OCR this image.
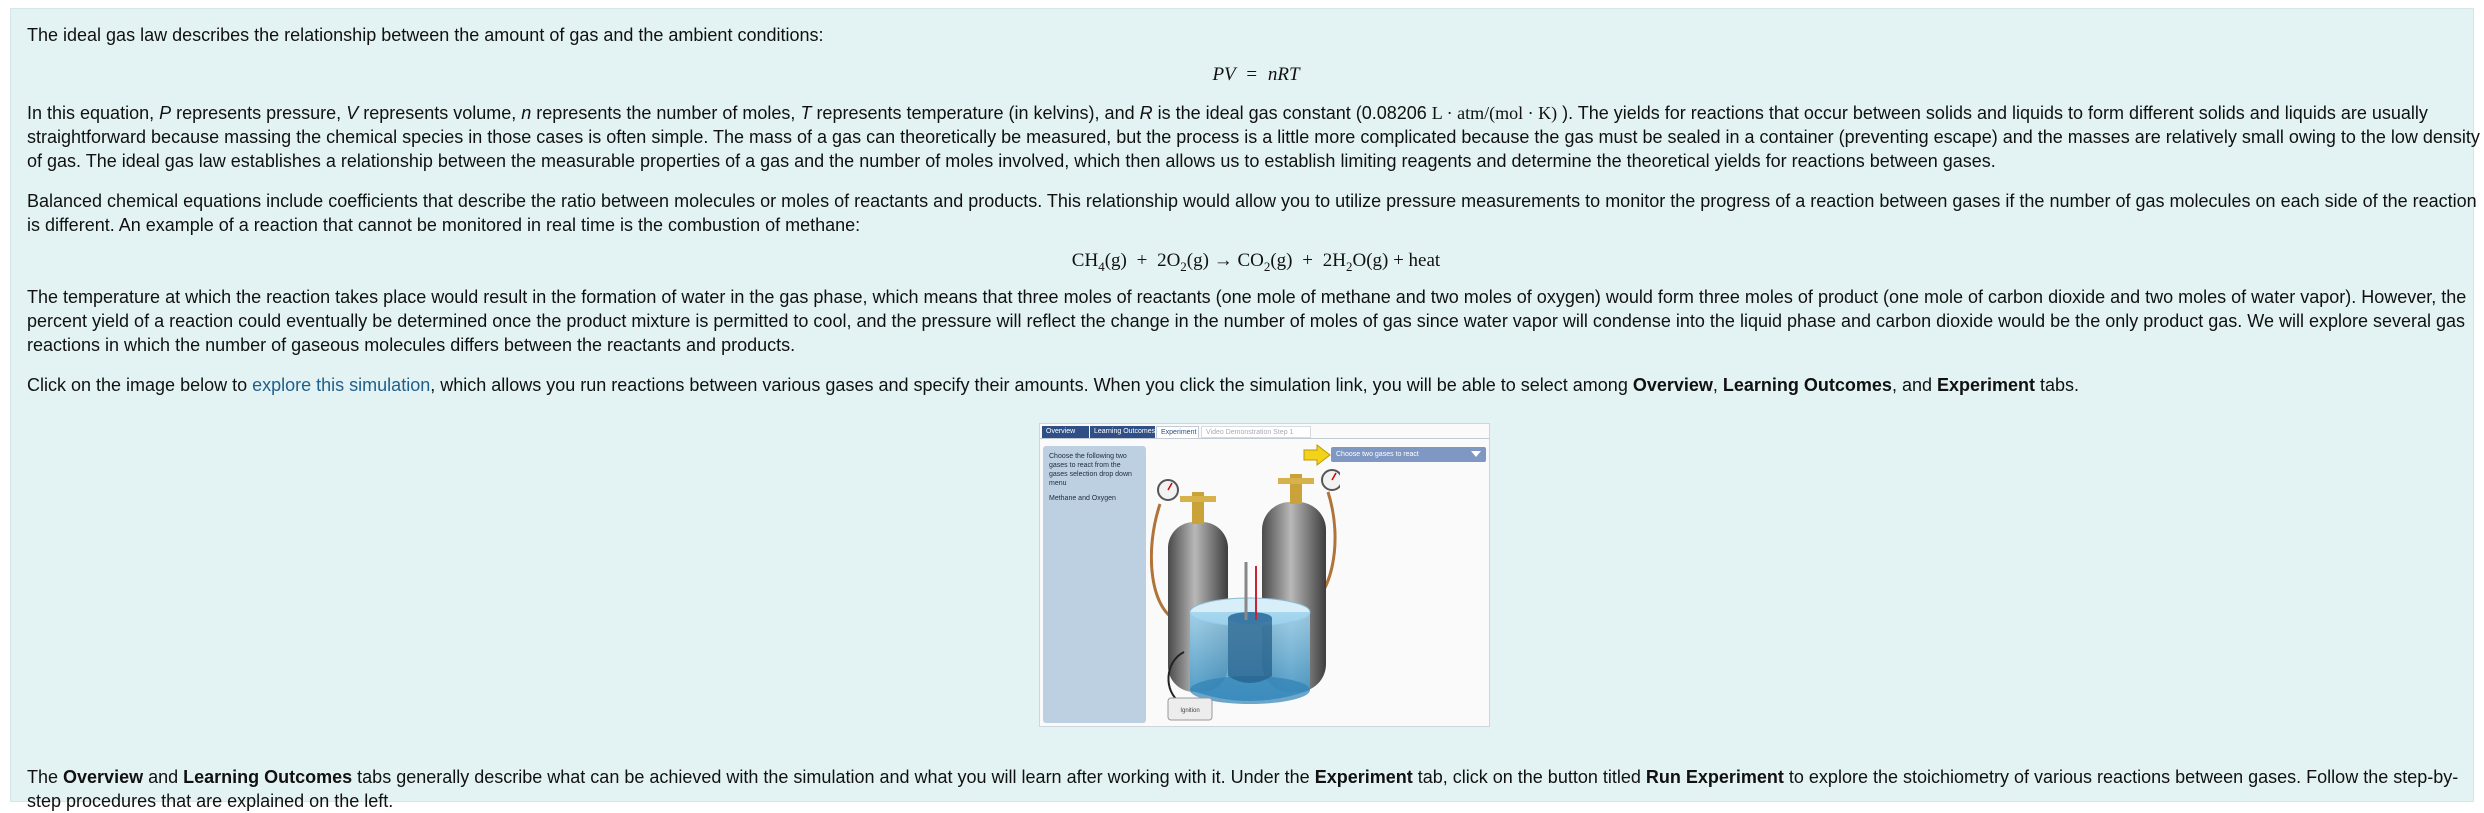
The ideal gas law describes the relationship between the amount of gas and the ambient conditions:

PV = nRT

In this equation, P represents pressure, V represents volume, n represents the number of moles, T represents temperature (in kelvins), and R is the ideal gas constant (0.08206 L · atm/(mol · K) ). The yields for reactions that occur between solids and liquids to form different solids and liquids are usually straightforward because massing the chemical species in those cases is often simple. The mass of a gas can theoretically be measured, but the process is a little more complicated because the gas must be sealed in a container (preventing escape) and the masses are relatively small owing to the low density of gas. The ideal gas law establishes a relationship between the measurable properties of a gas and the number of moles involved, which then allows us to establish limiting reagents and determine the theoretical yields for reactions between gases.

Balanced chemical equations include coefficients that describe the ratio between molecules or moles of reactants and products. This relationship would allow you to utilize pressure measurements to monitor the progress of a reaction between gases if the number of gas molecules on each side of the reaction is different. An example of a reaction that cannot be monitored in real time is the combustion of methane:

$CH_4(g) + 2O_2(g) \to CO_2(g) + 2H_2O(g)$ + heat

The temperature at which the reaction takes place would result in the formation of water in the gas phase, which means that three moles of reactants (one mole of methane and two moles of oxygen) would form three moles of product (one mole of carbon dioxide and two moles of water vapor). However, the percent yield of a reaction could eventually be determined once the product mixture is permitted to cool, and the pressure will reflect the change in the number of moles of gas since water vapor will condense into the liquid phase and carbon dioxide would be the only product gas. We will explore several gas reactions in which the number of gaseous molecules differs between the reactants and products.

Click on the image below to explore this simulation, which allows you run reactions between various gases and specify their amounts. When you click the simulation link, you will be able to select among Overview, Learning Outcomes, and Experiment tabs.

Overview	Learning Outcomes Experiment	Video Demonstration Step 1

Choose the following two gases to react from the gases selection drop down menu

Methane and Oxygen

Choose two gases to react
Ignition

The Overview and Learning Outcomes tabs generally describe what can be achieved with the simulation and what you will learn after working with it. Under the Experiment tab, click on the button titled Run Experiment to explore the stoichiometry of various reactions between gases. Follow the step-by-step procedures that are explained on the left.
